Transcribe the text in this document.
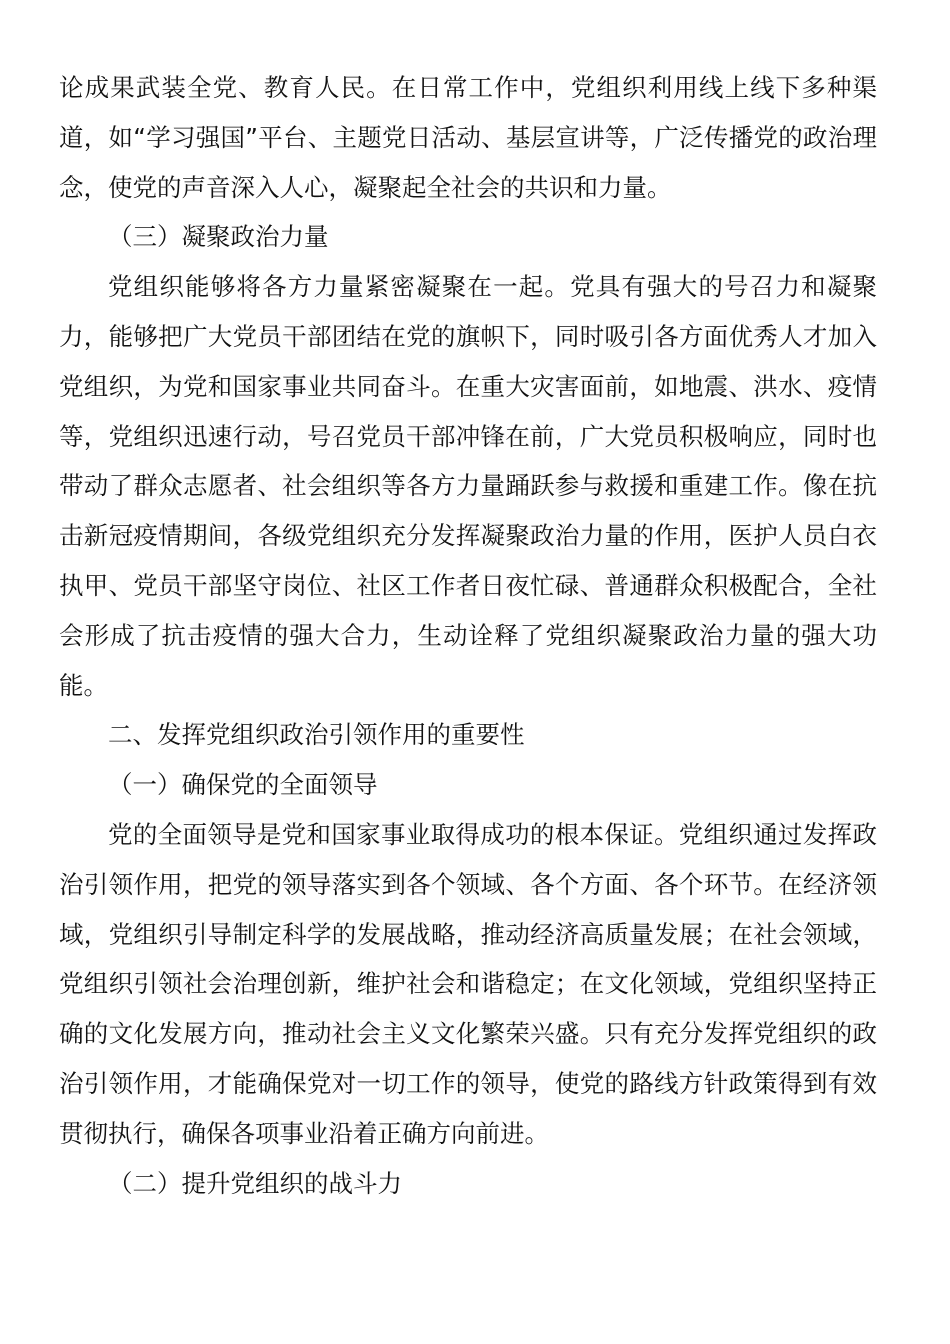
论成果武装全党、教育人民。在日常工作中，党组织利用线上线下多种渠道，如“学习强国”平台、主题党日活动、基层宣讲等，广泛传播党的政治理念，使党的声音深入人心，凝聚起全社会的共识和力量。

（三）凝聚政治力量

党组织能够将各方力量紧密凝聚在一起。党具有强大的号召力和凝聚力，能够把广大党员干部团结在党的旗帜下，同时吸引各方面优秀人才加入党组织，为党和国家事业共同奋斗。在重大灾害面前，如地震、洪水、疫情等，党组织迅速行动，号召党员干部冲锋在前，广大党员积极响应，同时也带动了群众志愿者、社会组织等各方力量踊跃参与救援和重建工作。像在抗击新冠疫情期间，各级党组织充分发挥凝聚政治力量的作用，医护人员白衣执甲、党员干部坚守岗位、社区工作者日夜忙碌、普通群众积极配合，全社会形成了抗击疫情的强大合力，生动诠释了党组织凝聚政治力量的强大功能。

二、发挥党组织政治引领作用的重要性

（一）确保党的全面领导

党的全面领导是党和国家事业取得成功的根本保证。党组织通过发挥政治引领作用，把党的领导落实到各个领域、各个方面、各个环节。在经济领域，党组织引导制定科学的发展战略，推动经济高质量发展；在社会领域，党组织引领社会治理创新，维护社会和谐稳定；在文化领域，党组织坚持正确的文化发展方向，推动社会主义文化繁荣兴盛。只有充分发挥党组织的政治引领作用，才能确保党对一切工作的领导，使党的路线方针政策得到有效贯彻执行，确保各项事业沿着正确方向前进。

（二）提升党组织的战斗力
